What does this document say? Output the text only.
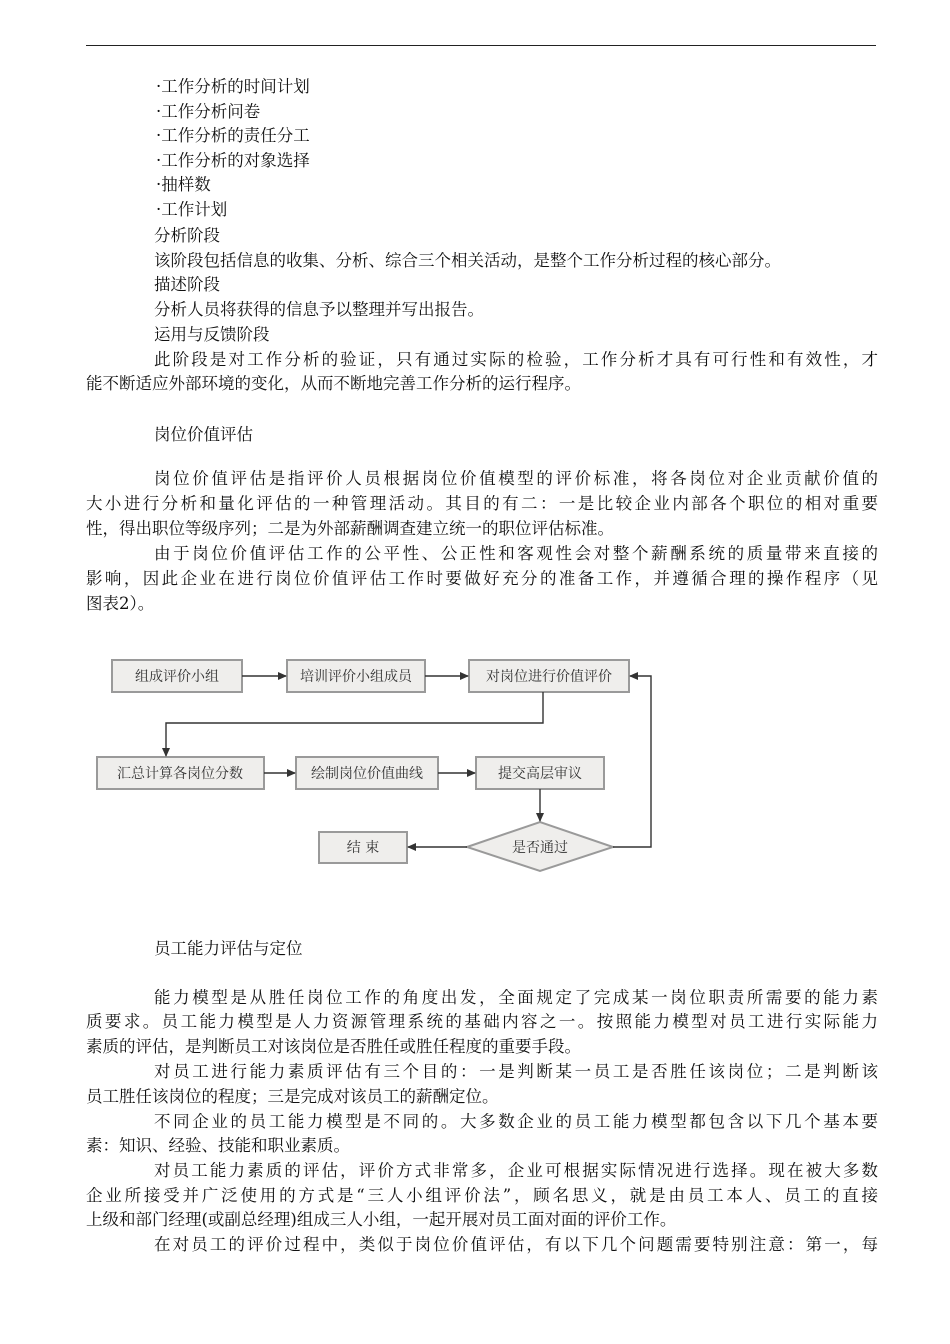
·工作分析的时间计划
·工作分析问卷
·工作分析的责任分工
·工作分析的对象选择
·抽样数
·工作计划
分析阶段
该阶段包括信息的收集、分析、综合三个相关活动，是整个工作分析过程的核心部分。
描述阶段
分析人员将获得的信息予以整理并写出报告。
运用与反馈阶段
此阶段是对工作分析的验证，只有通过实际的检验，工作分析才具有可行性和有效性，才
能不断适应外部环境的变化，从而不断地完善工作分析的运行程序。
岗位价值评估
岗位价值评估是指评价人员根据岗位价值模型的评价标准，将各岗位对企业贡献价值的
大小进行分析和量化评估的一种管理活动。其目的有二：一是比较企业内部各个职位的相对重要
性，得出职位等级序列；二是为外部薪酬调查建立统一的职位评估标准。
由于岗位价值评估工作的公平性、公正性和客观性会对整个薪酬系统的质量带来直接的
影响，因此企业在进行岗位价值评估工作时要做好充分的准备工作，并遵循合理的操作程序（见
图表2）。
组成评价小组	培训评价小组成员	对岗位进行价值评价
汇总计算各岗位分数	绘制岗位价值曲线	提交高层审议
是否通过
结 束
员工能力评估与定位
能力模型是从胜任岗位工作的角度出发，全面规定了完成某一岗位职责所需要的能力素
质要求。员工能力模型是人力资源管理系统的基础内容之一。按照能力模型对员工进行实际能力
素质的评估，是判断员工对该岗位是否胜任或胜任程度的重要手段。
对员工进行能力素质评估有三个目的：一是判断某一员工是否胜任该岗位；二是判断该
员工胜任该岗位的程度；三是完成对该员工的薪酬定位。
不同企业的员工能力模型是不同的。大多数企业的员工能力模型都包含以下几个基本要
素：知识、经验、技能和职业素质。
对员工能力素质的评估，评价方式非常多，企业可根据实际情况进行选择。现在被大多数
企业所接受并广泛使用的方式是“三人小组评价法”，顾名思义，就是由员工本人、员工的直接
上级和部门经理(或副总经理)组成三人小组，一起开展对员工面对面的评价工作。
在对员工的评价过程中，类似于岗位价值评估，有以下几个问题需要特别注意：第一，每
